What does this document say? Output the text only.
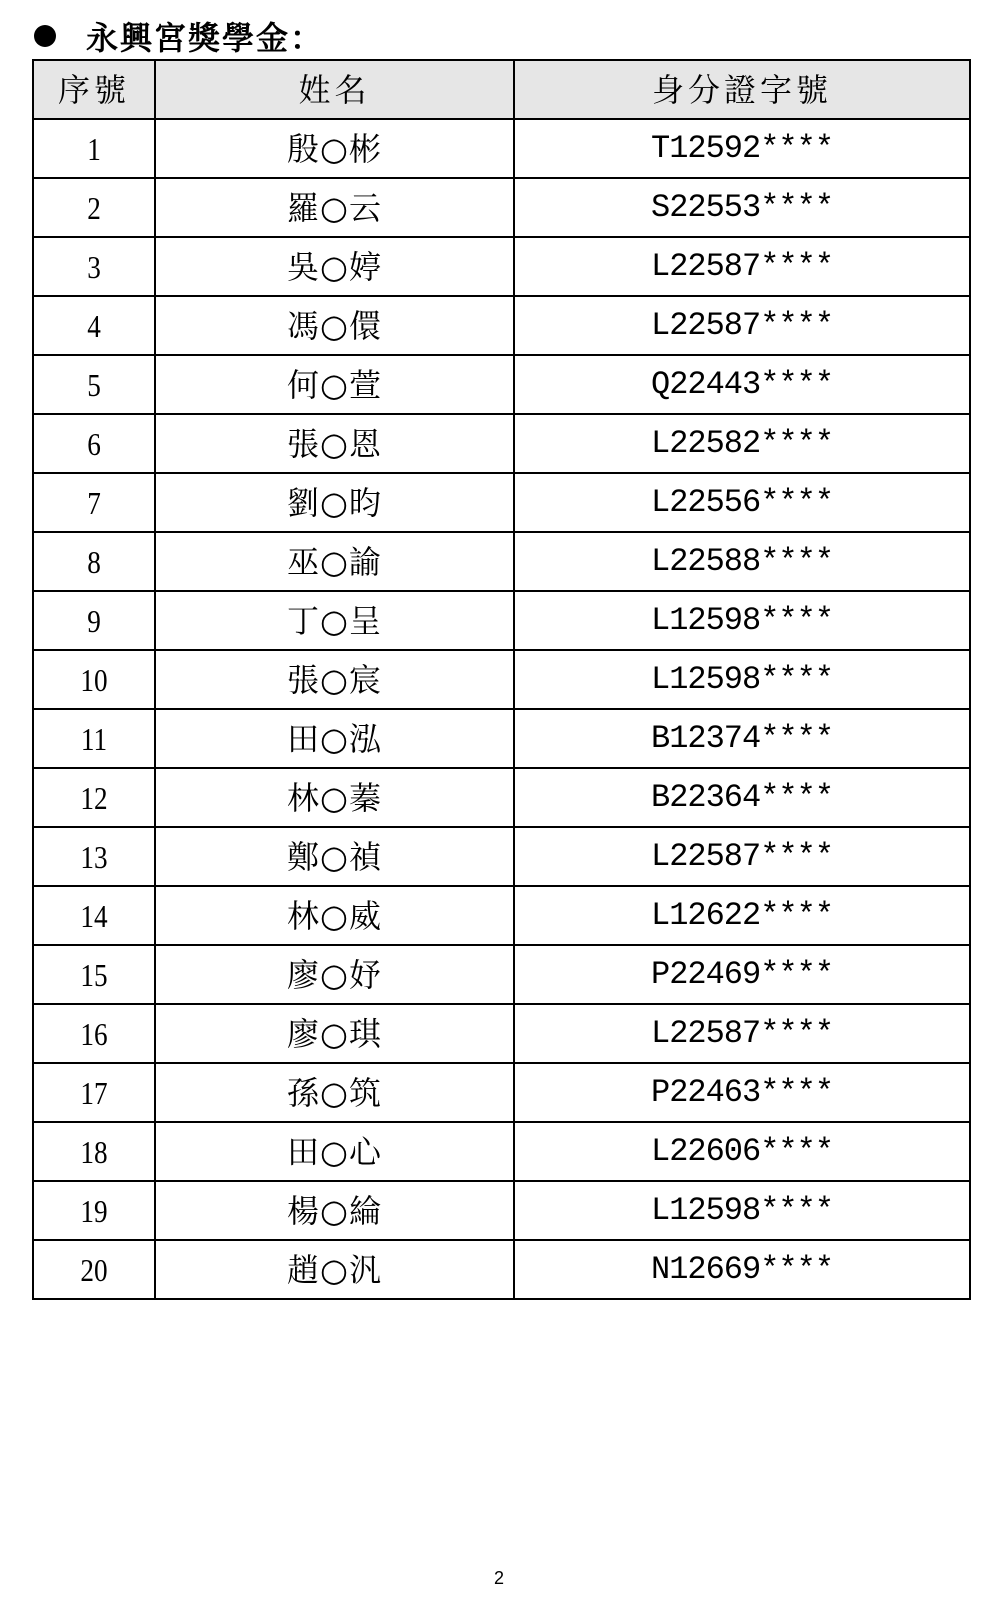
永興宮獎學金：
序號	姓名	身分證字號
1	殷○彬	T12592****
2	羅○云	S22553****
3	吳○婷	L22587****
4	馮○儇	L22587****
5	何○萱	Q22443****
6	張○恩	L22582****
7	劉○昀	L22556****
8	巫○諭	L22588****
9	丁○呈	L12598****
10	張○宸	L12598****
11	田○泓	B12374****
12	林○蓁	B22364****
13	鄭○禎	L22587****
14	林○威	L12622****
15	廖○妤	P22469****
16	廖○琪	L22587****
17	孫○筑	P22463****
18	田○心	L22606****
19	楊○綸	L12598****
20	趙○汎	N12669****
2
